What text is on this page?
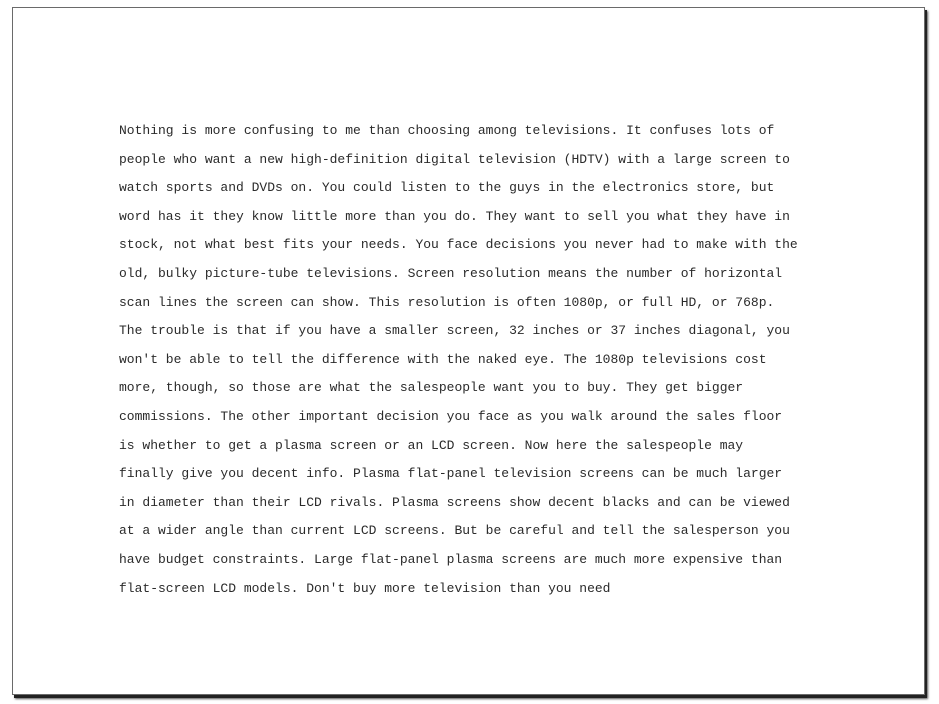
Nothing is more confusing to me than choosing among televisions. It confuses lots of
people who want a new high-definition digital television (HDTV) with a large screen to
watch sports and DVDs on. You could listen to the guys in the electronics store, but
word has it they know little more than you do. They want to sell you what they have in
stock, not what best fits your needs. You face decisions you never had to make with the
old, bulky picture-tube televisions. Screen resolution means the number of horizontal
scan lines the screen can show. This resolution is often 1080p, or full HD, or 768p.
The trouble is that if you have a smaller screen, 32 inches or 37 inches diagonal, you
won't be able to tell the difference with the naked eye. The 1080p televisions cost
more, though, so those are what the salespeople want you to buy. They get bigger
commissions. The other important decision you face as you walk around the sales floor
is whether to get a plasma screen or an LCD screen. Now here the salespeople may
finally give you decent info. Plasma flat-panel television screens can be much larger
in diameter than their LCD rivals. Plasma screens show decent blacks and can be viewed
at a wider angle than current LCD screens. But be careful and tell the salesperson you
have budget constraints. Large flat-panel plasma screens are much more expensive than
flat-screen LCD models. Don't buy more television than you need
